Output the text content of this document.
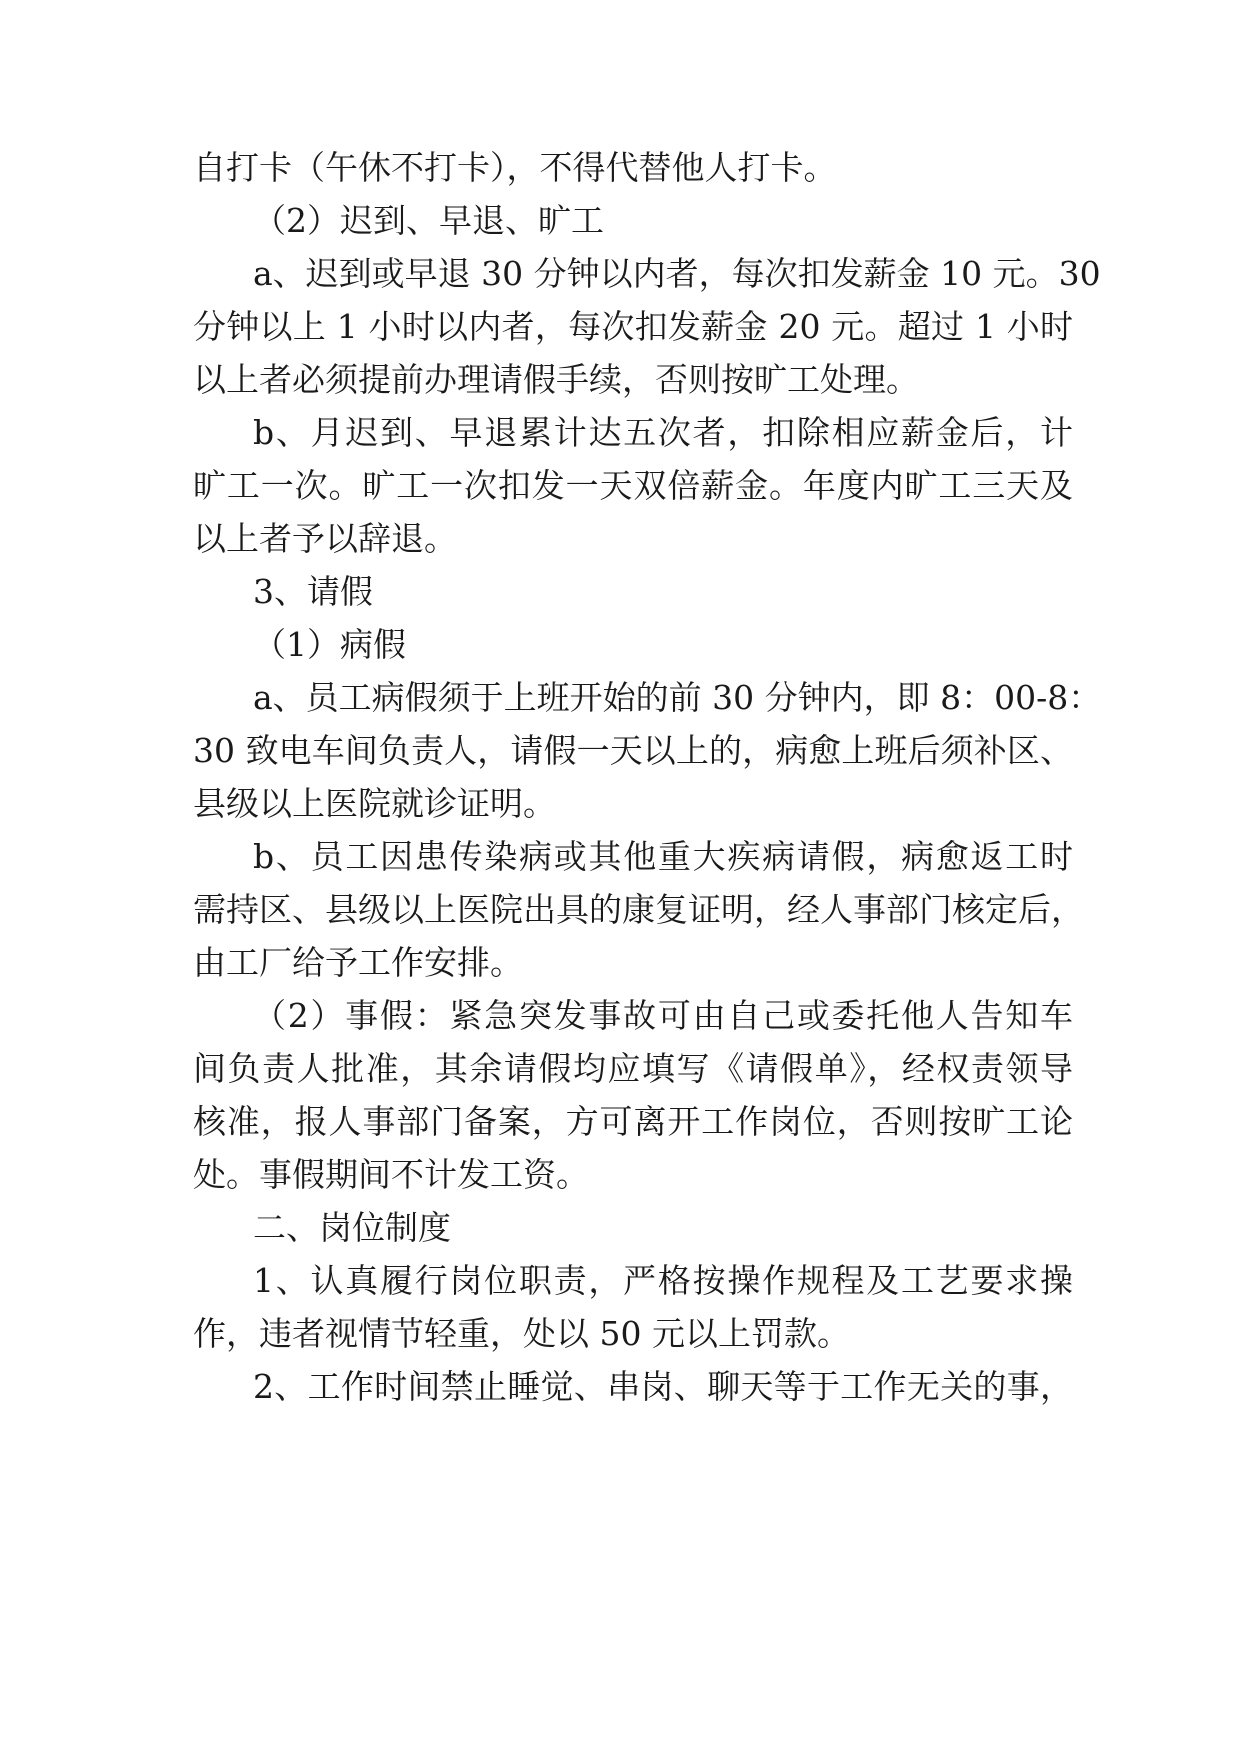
自打卡（午休不打卡），不得代替他人打卡。
（2）迟到、早退、旷工
a、迟到或早退 30 分钟以内者，每次扣发薪金 10 元。30
分钟以上 1 小时以内者，每次扣发薪金 20 元。超过 1 小时
以上者必须提前办理请假手续，否则按旷工处理。
b、月迟到、早退累计达五次者，扣除相应薪金后，计
旷工一次。旷工一次扣发一天双倍薪金。年度内旷工三天及
以上者予以辞退。
3、请假
（1）病假
a、员工病假须于上班开始的前 30 分钟内，即 8：00-8：
30 致电车间负责人，请假一天以上的，病愈上班后须补区、
县级以上医院就诊证明。
b、员工因患传染病或其他重大疾病请假，病愈返工时
需持区、县级以上医院出具的康复证明，经人事部门核定后，
由工厂给予工作安排。
（2）事假：紧急突发事故可由自己或委托他人告知车
间负责人批准，其余请假均应填写《请假单》，经权责领导
核准，报人事部门备案，方可离开工作岗位，否则按旷工论
处。事假期间不计发工资。
二、岗位制度
1、认真履行岗位职责，严格按操作规程及工艺要求操
作，违者视情节轻重，处以 50 元以上罚款。
2、工作时间禁止睡觉、串岗、聊天等于工作无关的事，
